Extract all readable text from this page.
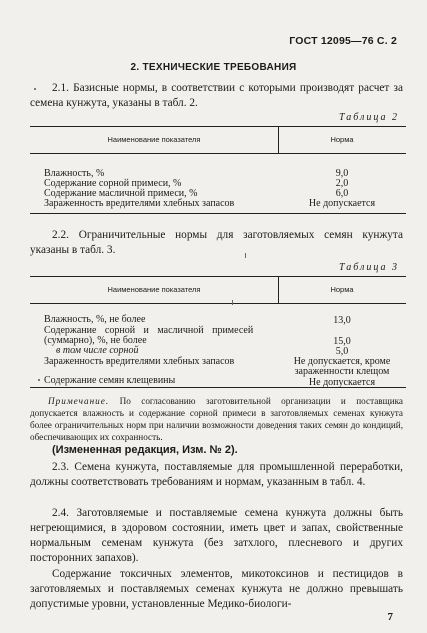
ГОСТ 12095—76 С. 2
2. ТЕХНИЧЕСКИЕ ТРЕБОВАНИЯ
2.1. Базисные нормы, в соответствии с которыми производят расчет за семена кунжута, указаны в табл. 2.
Таблица 2
Наименование показателя	Норма
Влажность, %	9,0
Содержание сорной примеси, %	2,0
Содержание масличной примеси, %	6,0
Зараженность вредителями хлебных запасов	Не допускается
2.2. Ограничительные нормы для заготовляемых семян кунжута указаны в табл. 3.
Таблица 3
Наименование показателя	Норма
Влажность, %, не более	13,0
Содержание сорной и масличной примесей
(суммарно), %, не более	15,0
в том числе сорной	5,0
Зараженность вредителями хлебных запасов	Не допускается, кроме зараженности клещом
Содержание семян клещевины	Не допускается
Примечание. По согласованию заготовительной организации и поставщика допускается влажность и содержание сорной примеси в заготовляемых семенах кунжута более ограничительных норм при наличии возможности доведения таких семян до кондиций, обеспечивающих их сохранность.
(Измененная редакция, Изм. № 2).
2.3. Семена кунжута, поставляемые для промышленной переработки, должны соответствовать требованиям и нормам, указанным в табл. 4.
2.4. Заготовляемые и поставляемые семена кунжута должны быть негреющимися, в здоровом состоянии, иметь цвет и запах, свойственные нормальным семенам кунжута (без затхлого, плесневого и других посторонних запахов).
Содержание токсичных элементов, микотоксинов и пестицидов в заготовляемых и поставляемых семенах кунжута не должно превышать допустимые уровни, установленные Медико-биологи-
7
